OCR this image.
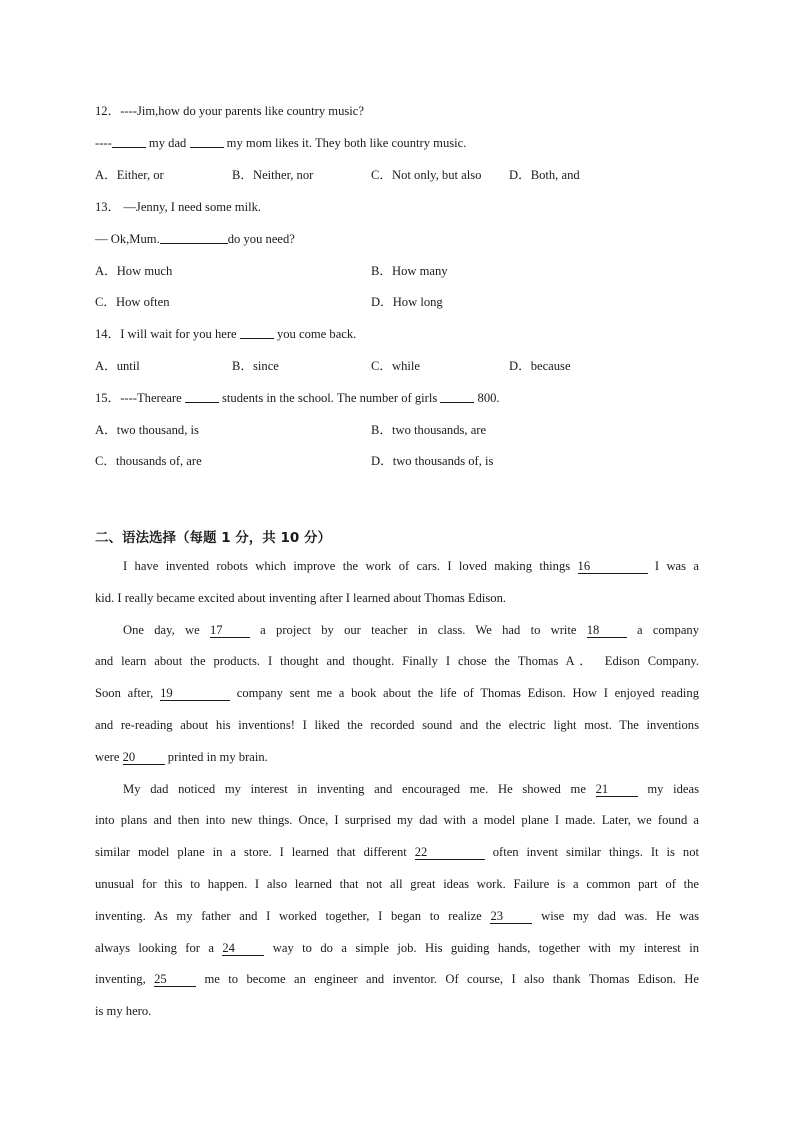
12．----Jim,how do your parents like country music?
----	my dad	my mom likes it. They both like country music.
A．Either, or	B．Neither, nor	C．Not only, but also D．Both, and
13． —Jenny, I need some milk.
— Ok,Mum.	do you need?
A．How much	B．How many
C．How often	D．How long
14．I will wait for you here	you come back.
A．until	B．since	C．while	D．because
15．----Thereare	students in the school. The number of girls	800.
A．two thousand, is	B．two thousands, are
C．thousands of, are	D．two thousands of, is
二、语法选择（每题 1 分，共 10 分）
I have invented robots which improve the work of cars. I loved making things 16	I was a
kid. I really became excited about inventing after I learned about Thomas Edison.
One day, we 17 a project by our teacher in class. We had to write 18 a company
and learn about the products. I thought and thought. Finally I chose the Thomas A． Edison Company.
Soon after, 19	company sent me a book about the life of Thomas Edison. How I enjoyed reading
and re-reading about his inventions! I liked the recorded sound and the electric light most. The inventions
were 20 printed in my brain.
My dad noticed my interest in inventing and encouraged me. He showed me 21 my ideas
into plans and then into new things. Once, I surprised my dad with a model plane I made. Later, we found a
similar model plane in a store. I learned that different 22	often invent similar things. It is not
unusual for this to happen. I also learned that not all great ideas work. Failure is a common part of the
inventing. As my father and I worked together, I began to realize 23 wise my dad was. He was
always looking for a 24 way to do a simple job. His guiding hands, together with my interest in
inventing, 25 me to become an engineer and inventor. Of course, I also thank Thomas Edison. He
is my hero.
